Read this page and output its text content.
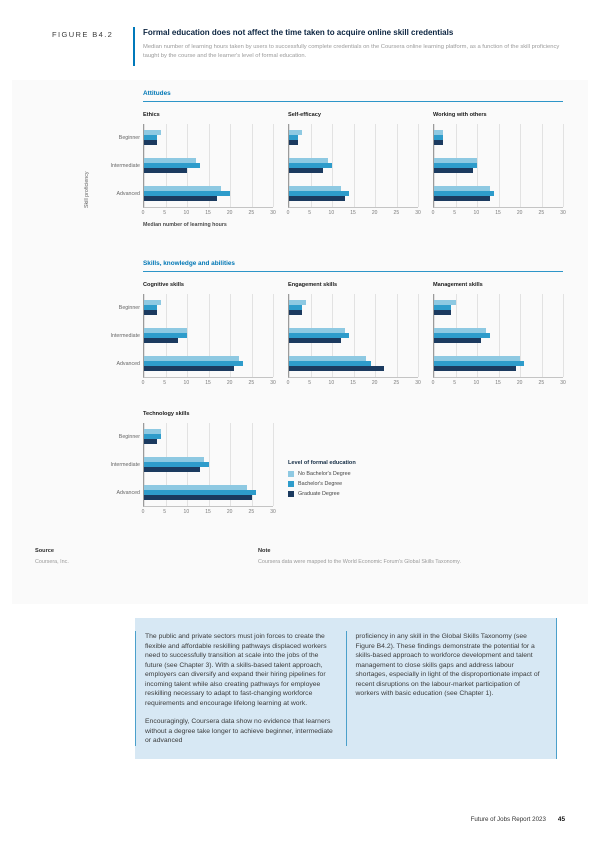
FIGURE B4.2	Formal education does not affect the time taken to acquire online skill credentials
Median number of learning hours taken by users to successfully complete credentials on the Coursera online learning platform, as a function of the skill proficiency taught by the course and the learner's level of formal education.
Attitudes
Beginner
Intermediate
Advanced
Ethics
0	5	10	15	20	25	30
Self-efficacy
0	5	10	15	20	25	30
Working with others
0	5	10	15	20	25	30
Skill proficiency
Median number of learning hours
Skills, knowledge and abilities
Beginner
Intermediate
Advanced
Cognitive skills
0	5	10	15	20	25	30
Engagement skills
0	5	10	15	20	25	30
Management skills
0	5	10	15	20	25	30
Beginner
Intermediate
Advanced
Technology skills
0	5	10	15	20	25	30
Level of formal education
No Bachelor's Degree
Bachelor's Degree
Graduate Degree
Source
Coursera, Inc.
Note
Coursera data were mapped to the World Economic Forum's Global Skills Taxonomy.

The public and private sectors must join forces to create the flexible and affordable reskilling pathways displaced workers need to successfully transition at scale into the jobs of the future (see Chapter 3). With a skills-based talent approach, employers can diversify and expand their hiring pipelines for incoming talent while also creating pathways for employee reskilling necessary to adapt to fast-changing workforce requirements and encourage lifelong learning at work.

Encouragingly, Coursera data show no evidence that learners without a degree take longer to achieve beginner, intermediate or advanced

proficiency in any skill in the Global Skills Taxonomy (see Figure B4.2). These findings demonstrate the potential for a skills-based approach to workforce development and talent management to close skills gaps and address labour shortages, especially in light of the disproportionate impact of recent disruptions on the labour-market participation of workers with basic education (see Chapter 1).

Future of Jobs Report 2023 45
